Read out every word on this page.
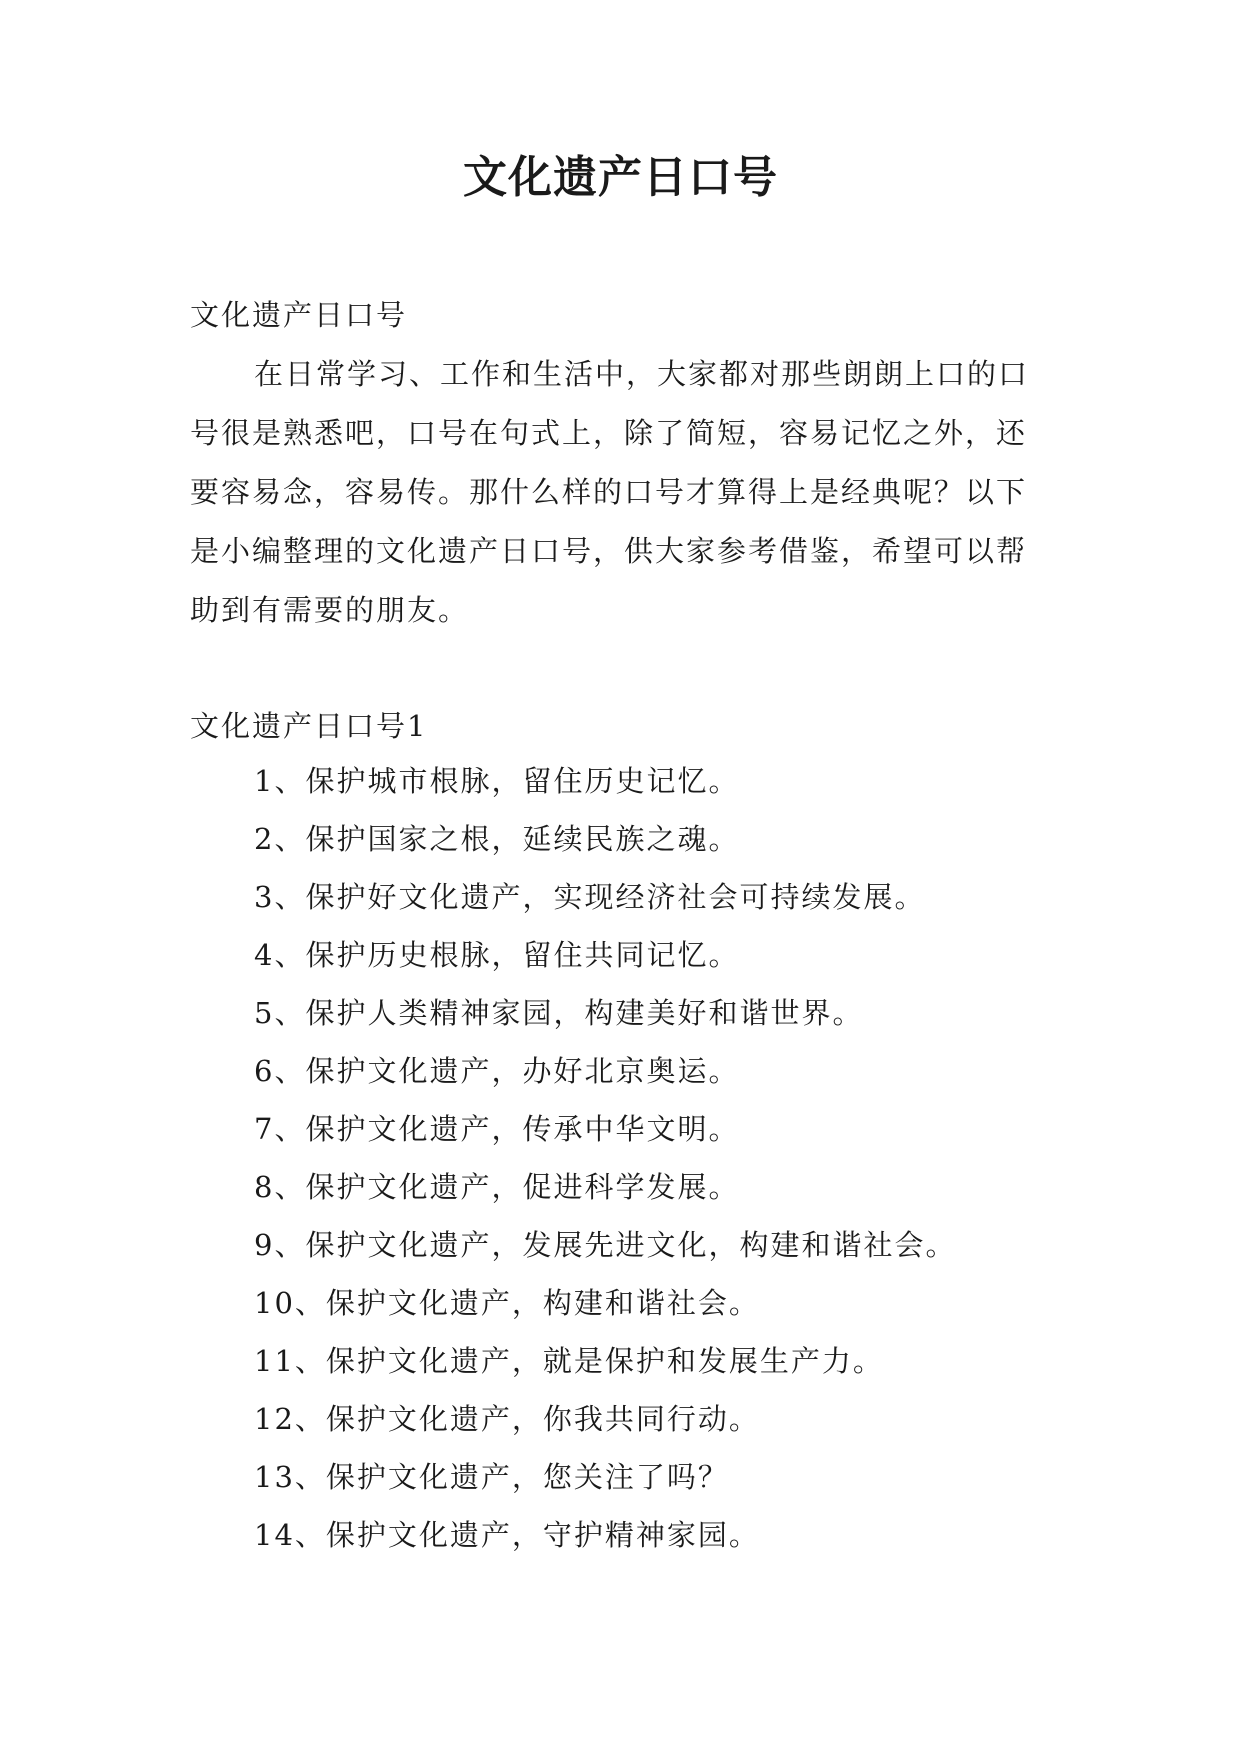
文化遗产日口号
文化遗产日口号

在日常学习、工作和生活中，大家都对那些朗朗上口的口号很是熟悉吧，口号在句式上，除了简短，容易记忆之外，还要容易念，容易传。那什么样的口号才算得上是经典呢？以下是小编整理的文化遗产日口号，供大家参考借鉴，希望可以帮助到有需要的朋友。

文化遗产日口号1
1、保护城市根脉，留住历史记忆。
2、保护国家之根，延续民族之魂。
3、保护好文化遗产，实现经济社会可持续发展。
4、保护历史根脉，留住共同记忆。
5、保护人类精神家园，构建美好和谐世界。
6、保护文化遗产，办好北京奥运。
7、保护文化遗产，传承中华文明。
8、保护文化遗产，促进科学发展。
9、保护文化遗产，发展先进文化，构建和谐社会。
10、保护文化遗产，构建和谐社会。
11、保护文化遗产，就是保护和发展生产力。
12、保护文化遗产，你我共同行动。
13、保护文化遗产，您关注了吗？
14、保护文化遗产，守护精神家园。
